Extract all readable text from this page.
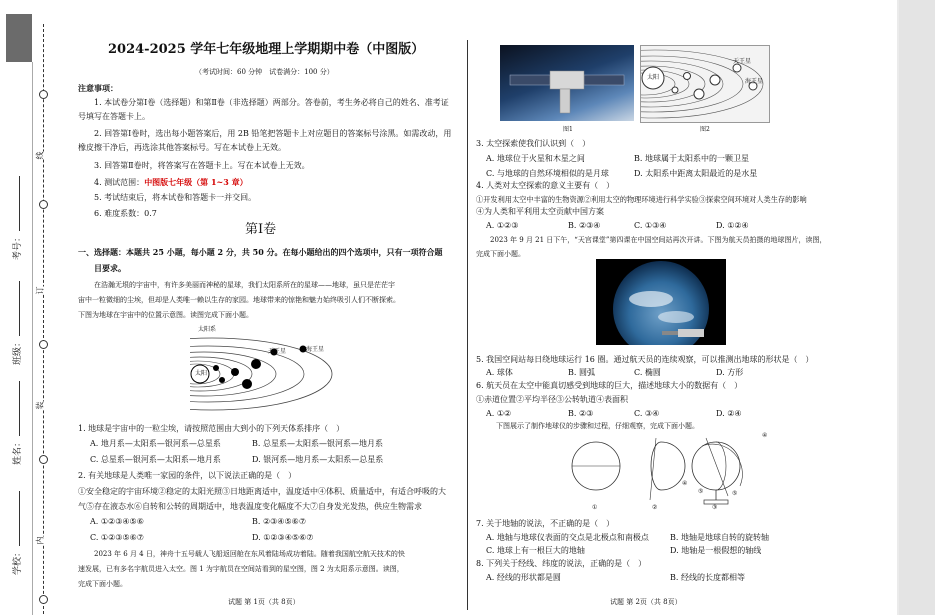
线
订
装
内
考号：
班级：
姓名：
学校：
2024-2025 学年七年级地理上学期期中卷（中图版）
（考试时间：60 分钟　试卷满分：100 分）
注意事项：
1. 本试卷分第Ⅰ卷（选择题）和第Ⅱ卷（非选择题）两部分。答卷前，考生务必将自己的姓名、准考证
号填写在答题卡上。
2. 回答第Ⅰ卷时，选出每小题答案后，用 2B 铅笔把答题卡上对应题目的答案标号涂黑。如需改动，用
橡皮擦干净后，再选涂其他答案标号。写在本试卷上无效。
3. 回答第Ⅱ卷时，将答案写在答题卡上。写在本试卷上无效。
4. 测试范围：中图版七年级（第 1~3 章）
5. 考试结束后，将本试卷和答题卡一并交回。
6. 难度系数：0.7
第Ⅰ卷
一、选择题：本题共 25 小题，每小题 2 分，共 50 分。在每小题给出的四个选项中，只有一项符合题
目要求。
在浩瀚无垠的宇宙中，有许多美丽而神秘的星球，我们太阳系所在的星球——地球，虽只是茫茫宇
宙中一粒微细的尘埃，但却是人类唯一赖以生存的家园。地球带来的惊艳和魅力始终吸引人们不断探索。
下图为地球在宇宙中的位置示意图。读图完成下面小题。
太阳系
太阳
天王星	海王星
1. 地球是宇宙中的一粒尘埃，请按照范围由大到小的下列天体系排序（　）
A. 地月系—太阳系—银河系—总星系	B. 总星系—太阳系—银河系—地月系
C. 总星系—银河系—太阳系—地月系	D. 银河系—地月系—太阳系—总星系
2. 有关地球是人类唯一家园的条件，以下说法正确的是（　）
①安全稳定的宇宙环境②稳定的太阳光照③日地距离适中，温度适中④体积、质量适中，有适合呼吸的大
气⑤存在液态水⑥自转和公转的周期适中，地表温度变化幅度不大⑦自身发光发热，供应生物需求
A. ①②③④⑤⑥	B. ②③④⑤⑥⑦
C. ①②③⑤⑥⑦	D. ①②③④⑤⑥⑦
2023 年 6 月 4 日，神舟十五号载人飞船返回舱在东风着陆场成功着陆。随着我国航空航天技术的快
速发展，已有多名宇航员进入太空。图 1 为宇航员在空间站看到的星空图，图 2 为太阳系示意图。读图，
完成下面小题。
试题 第 1页（共 8页）
图1
太阳
天王星
海王星
图2
3. 太空探索使我们认识到（　）
A. 地球位于火星和木星之间	B. 地球属于太阳系中的一颗卫星
C. 与地球的自然环境相似的是月球	D. 太阳系中距离太阳最近的是水星
4. 人类对太空探索的意义主要有（　）
①开发利用太空中丰富的生物资源②利用太空的物理环境进行科学实验③探索空间环境对人类生存的影响
④为人类和平利用太空贡献中国方案
A. ①②③	B. ②③④	C. ①③④	D. ①②④
2023 年 9 月 21 日下午，“天宫课堂”第四课在中国空间站再次开讲。下图为航天员拍摄的地球图片，读图，
完成下面小题。
5. 我国空间站每日绕地球运行 16 圈。通过航天员的连续观察，可以推测出地球的形状是（　）
A. 球体	B. 圆弧	C. 椭圆	D. 方形
6. 航天员在太空中能真切感受到地球的巨大，描述地球大小的数据有（　）
①赤道位置②平均半径③公转轨道④表面积
A. ①②	B. ②③	C. ③④	D. ②④
下图展示了制作地球仪的步骤和过程，仔细观察，完成下面小题。
①	②	③
④
④
⑤	⑤
7. 关于地轴的说法，不正确的是（　）
A. 地轴与地球仪表面的交点是北极点和南极点	B. 地轴是地球自转的旋转轴
C. 地球上有一根巨大的地轴	D. 地轴是一根假想的轴线
8. 下列关于经线、纬度的说法，正确的是（　）
A. 经线的形状都是圆	B. 经线的长度都相等
试题 第 2页（共 8页）
